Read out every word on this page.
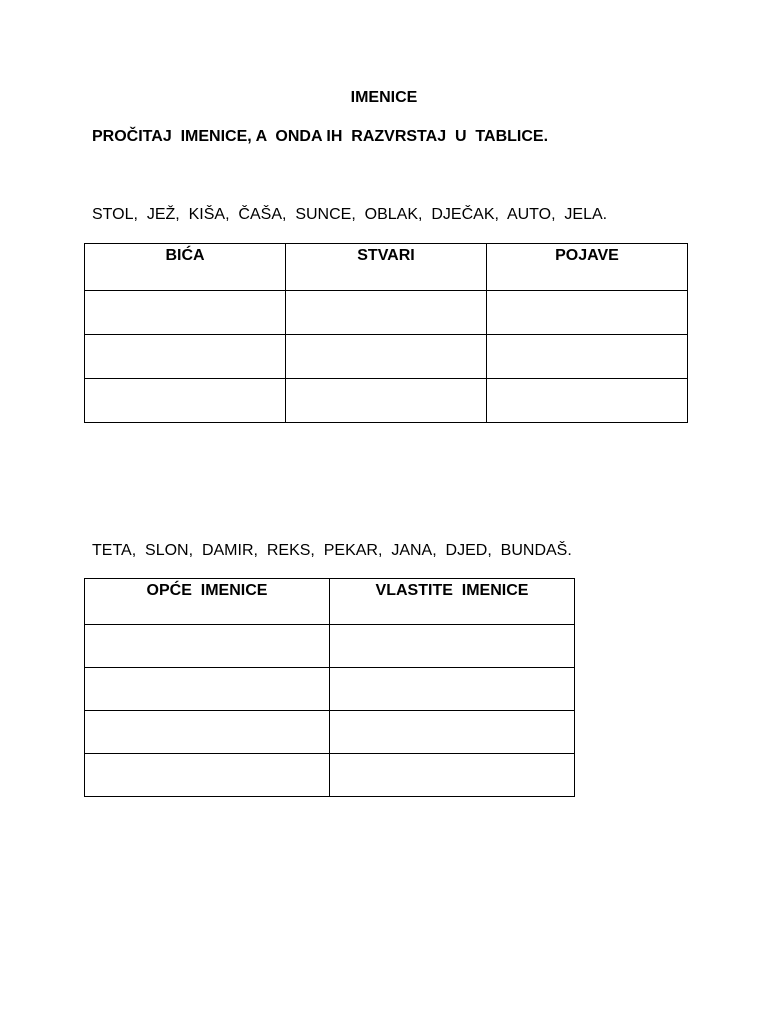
IMENICE

PROČITAJ  IMENICE, A  ONDA IH  RAZVRSTAJ  U  TABLICE.

STOL,  JEŽ,  KIŠA,  ČAŠA,  SUNCE,  OBLAK,  DJEČAK,  AUTO,  JELA.

BIĆA	STVARI	POJAVE

TETA,  SLON,  DAMIR,  REKS,  PEKAR,  JANA,  DJED,  BUNDAŠ.

OPĆE  IMENICE	VLASTITE  IMENICE
